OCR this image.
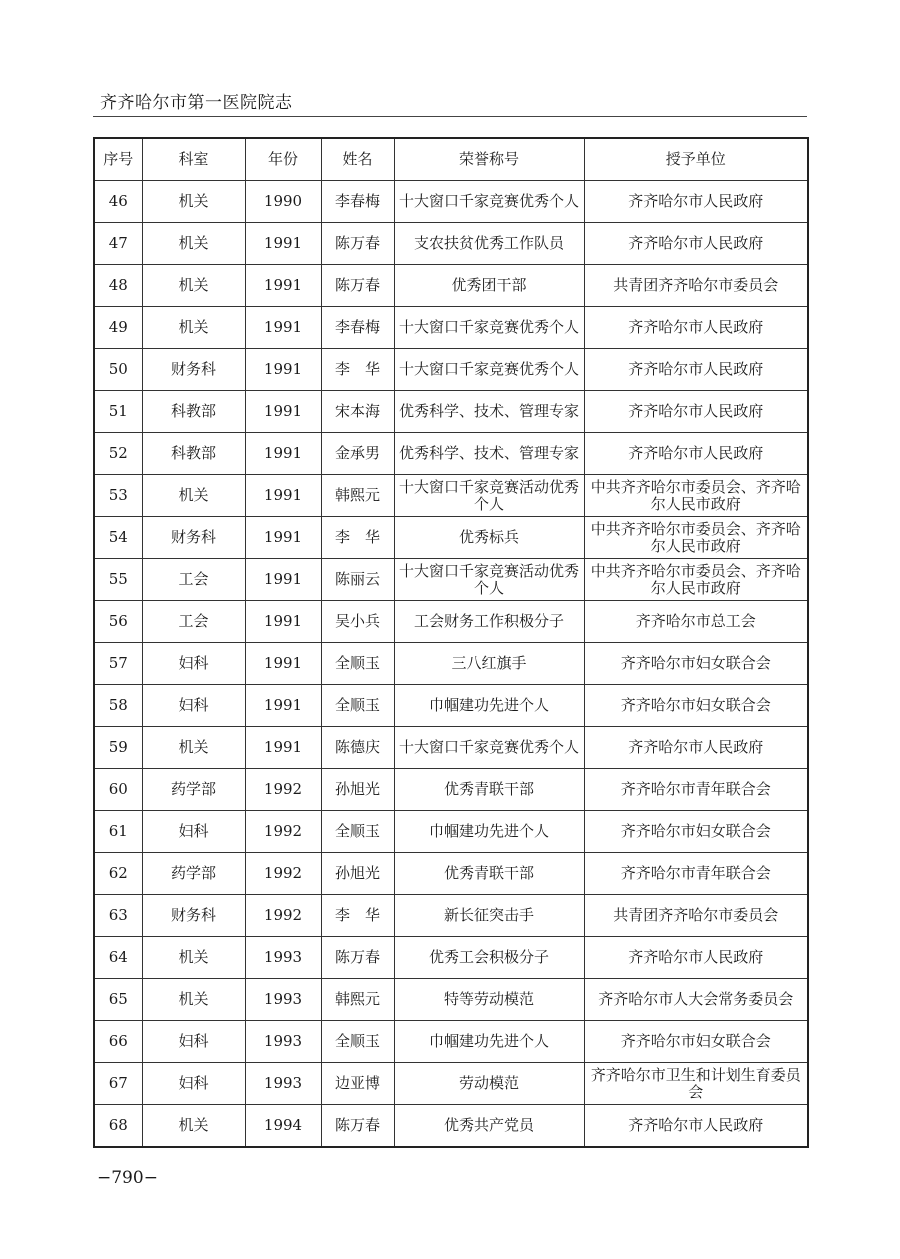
齐齐哈尔市第一医院院志
序号	科室	年份	姓名	荣誉称号	授予单位
46	机关	1990	李春梅	十大窗口千家竞赛优秀个人	齐齐哈尔市人民政府
47	机关	1991	陈万春	支农扶贫优秀工作队员	齐齐哈尔市人民政府
48	机关	1991	陈万春	优秀团干部	共青团齐齐哈尔市委员会
49	机关	1991	李春梅	十大窗口千家竞赛优秀个人	齐齐哈尔市人民政府
50	财务科	1991	李　华	十大窗口千家竞赛优秀个人	齐齐哈尔市人民政府
51	科教部	1991	宋本海	优秀科学、技术、管理专家	齐齐哈尔市人民政府
52	科教部	1991	金承男	优秀科学、技术、管理专家	齐齐哈尔市人民政府
53	机关	1991	韩熙元	十大窗口千家竞赛活动优秀个人	中共齐齐哈尔市委员会、齐齐哈尔人民市政府
54	财务科	1991	李　华	优秀标兵	中共齐齐哈尔市委员会、齐齐哈尔人民市政府
55	工会	1991	陈丽云	十大窗口千家竞赛活动优秀个人	中共齐齐哈尔市委员会、齐齐哈尔人民市政府
56	工会	1991	吴小兵	工会财务工作积极分子	齐齐哈尔市总工会
57	妇科	1991	全顺玉	三八红旗手	齐齐哈尔市妇女联合会
58	妇科	1991	全顺玉	巾帼建功先进个人	齐齐哈尔市妇女联合会
59	机关	1991	陈德庆	十大窗口千家竞赛优秀个人	齐齐哈尔市人民政府
60	药学部	1992	孙旭光	优秀青联干部	齐齐哈尔市青年联合会
61	妇科	1992	全顺玉	巾帼建功先进个人	齐齐哈尔市妇女联合会
62	药学部	1992	孙旭光	优秀青联干部	齐齐哈尔市青年联合会
63	财务科	1992	李　华	新长征突击手	共青团齐齐哈尔市委员会
64	机关	1993	陈万春	优秀工会积极分子	齐齐哈尔市人民政府
65	机关	1993	韩熙元	特等劳动模范	齐齐哈尔市人大会常务委员会
66	妇科	1993	全顺玉	巾帼建功先进个人	齐齐哈尔市妇女联合会
67	妇科	1993	边亚博	劳动模范	齐齐哈尔市卫生和计划生育委员会
68	机关	1994	陈万春	优秀共产党员	齐齐哈尔市人民政府
−790−
